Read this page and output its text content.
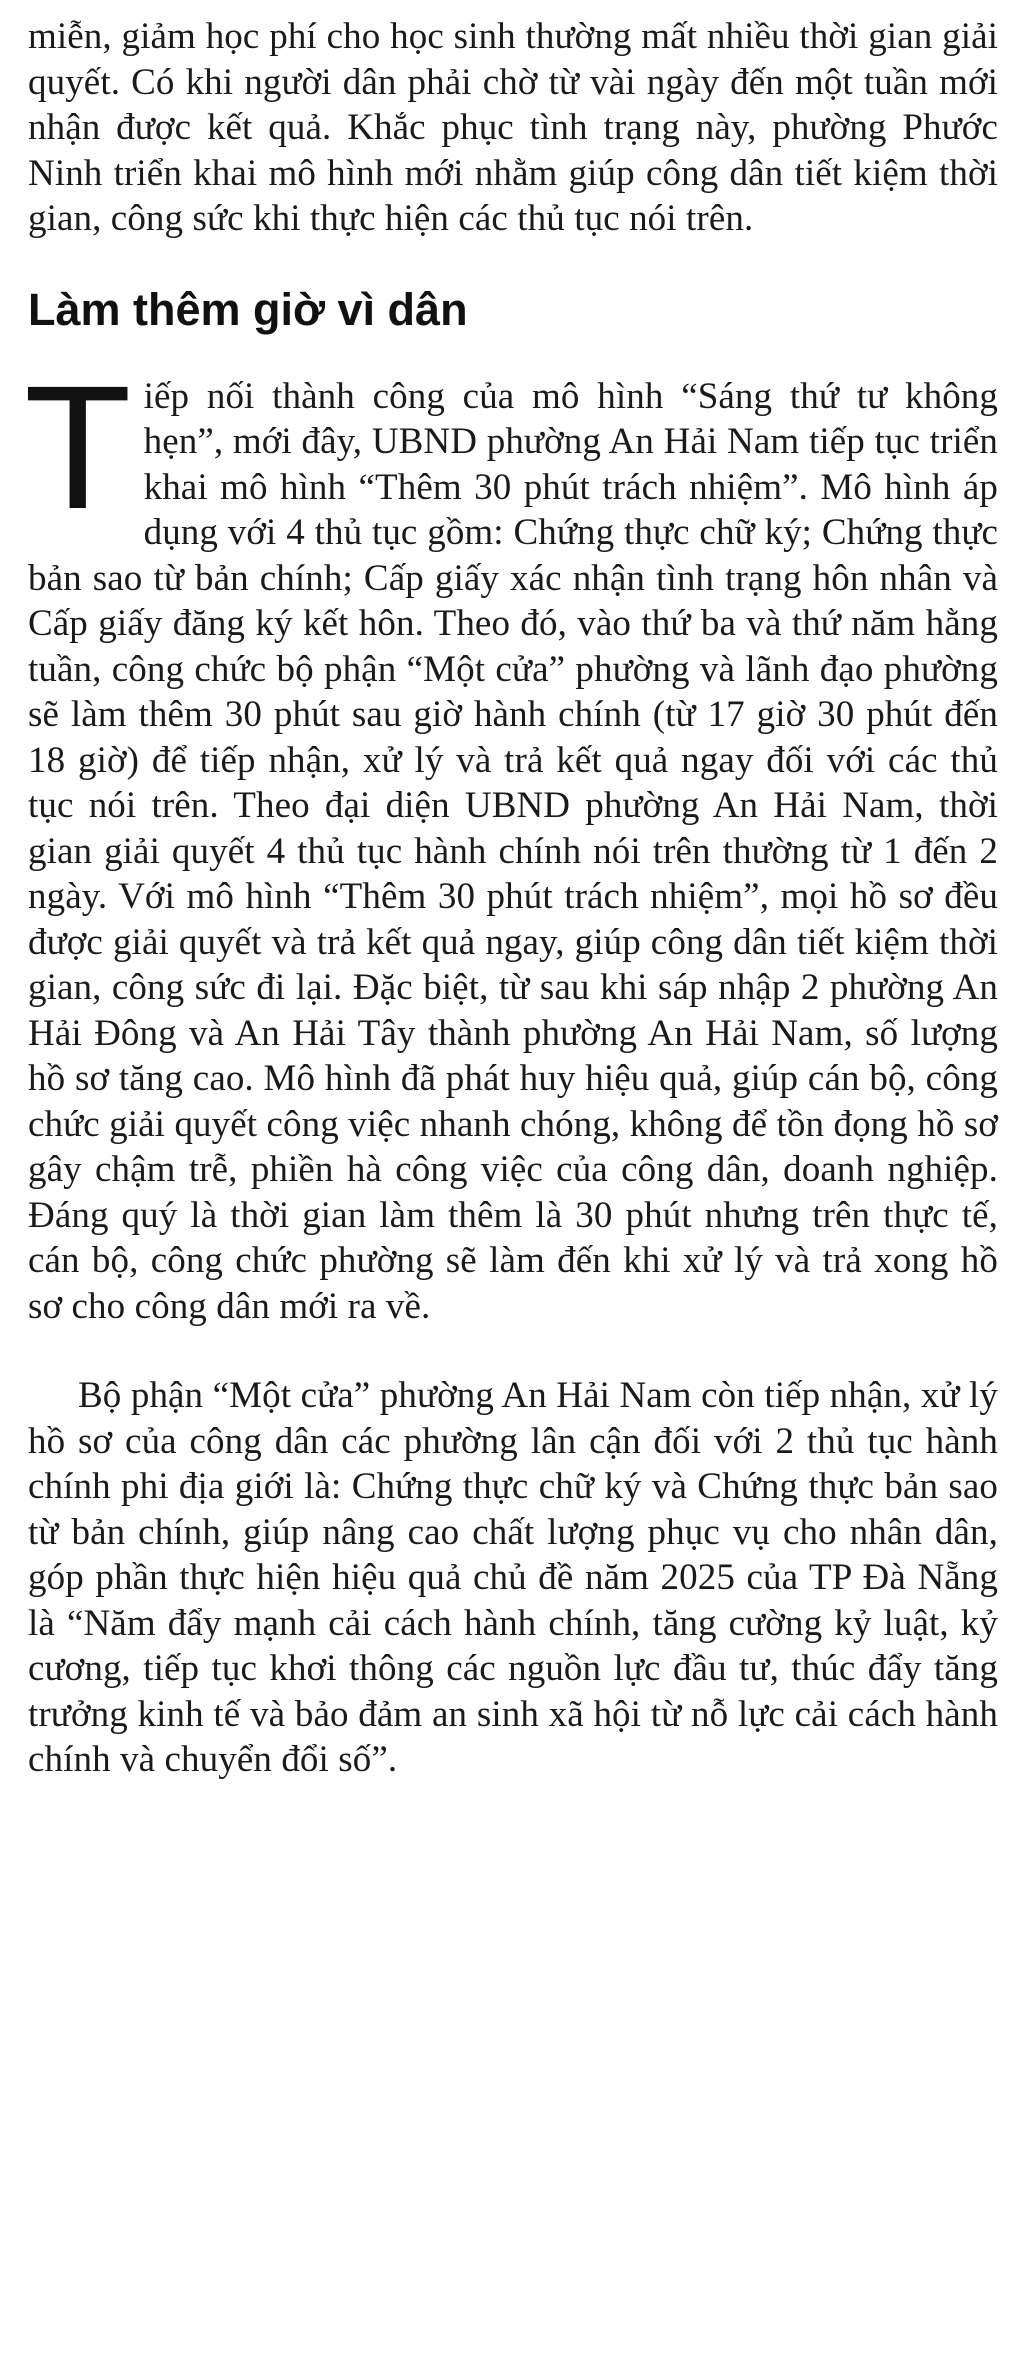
miễn, giảm học phí cho học sinh thường mất nhiều thời gian giải quyết. Có khi người dân phải chờ từ vài ngày đến một tuần mới nhận được kết quả. Khắc phục tình trạng này, phường Phước Ninh triển khai mô hình mới nhằm giúp công dân tiết kiệm thời gian, công sức khi thực hiện các thủ tục nói trên.

Làm thêm giờ vì dân

Tiếp nối thành công của mô hình “Sáng thứ tư không hẹn”, mới đây, UBND phường An Hải Nam tiếp tục triển khai mô hình “Thêm 30 phút trách nhiệm”. Mô hình áp dụng với 4 thủ tục gồm: Chứng thực chữ ký; Chứng thực bản sao từ bản chính; Cấp giấy xác nhận tình trạng hôn nhân và Cấp giấy đăng ký kết hôn. Theo đó, vào thứ ba và thứ năm hằng tuần, công chức bộ phận “Một cửa” phường và lãnh đạo phường sẽ làm thêm 30 phút sau giờ hành chính (từ 17 giờ 30 phút đến 18 giờ) để tiếp nhận, xử lý và trả kết quả ngay đối với các thủ tục nói trên. Theo đại diện UBND phường An Hải Nam, thời gian giải quyết 4 thủ tục hành chính nói trên thường từ 1 đến 2 ngày. Với mô hình “Thêm 30 phút trách nhiệm”, mọi hồ sơ đều được giải quyết và trả kết quả ngay, giúp công dân tiết kiệm thời gian, công sức đi lại. Đặc biệt, từ sau khi sáp nhập 2 phường An Hải Đông và An Hải Tây thành phường An Hải Nam, số lượng hồ sơ tăng cao. Mô hình đã phát huy hiệu quả, giúp cán bộ, công chức giải quyết công việc nhanh chóng, không để tồn đọng hồ sơ gây chậm trễ, phiền hà công việc của công dân, doanh nghiệp. Đáng quý là thời gian làm thêm là 30 phút nhưng trên thực tế, cán bộ, công chức phường sẽ làm đến khi xử lý và trả xong hồ sơ cho công dân mới ra về.

Bộ phận “Một cửa” phường An Hải Nam còn tiếp nhận, xử lý hồ sơ của công dân các phường lân cận đối với 2 thủ tục hành chính phi địa giới là: Chứng thực chữ ký và Chứng thực bản sao từ bản chính, giúp nâng cao chất lượng phục vụ cho nhân dân, góp phần thực hiện hiệu quả chủ đề năm 2025 của TP Đà Nẵng là “Năm đẩy mạnh cải cách hành chính, tăng cường kỷ luật, kỷ cương, tiếp tục khơi thông các nguồn lực đầu tư, thúc đẩy tăng trưởng kinh tế và bảo đảm an sinh xã hội từ nỗ lực cải cách hành chính và chuyển đổi số”.
